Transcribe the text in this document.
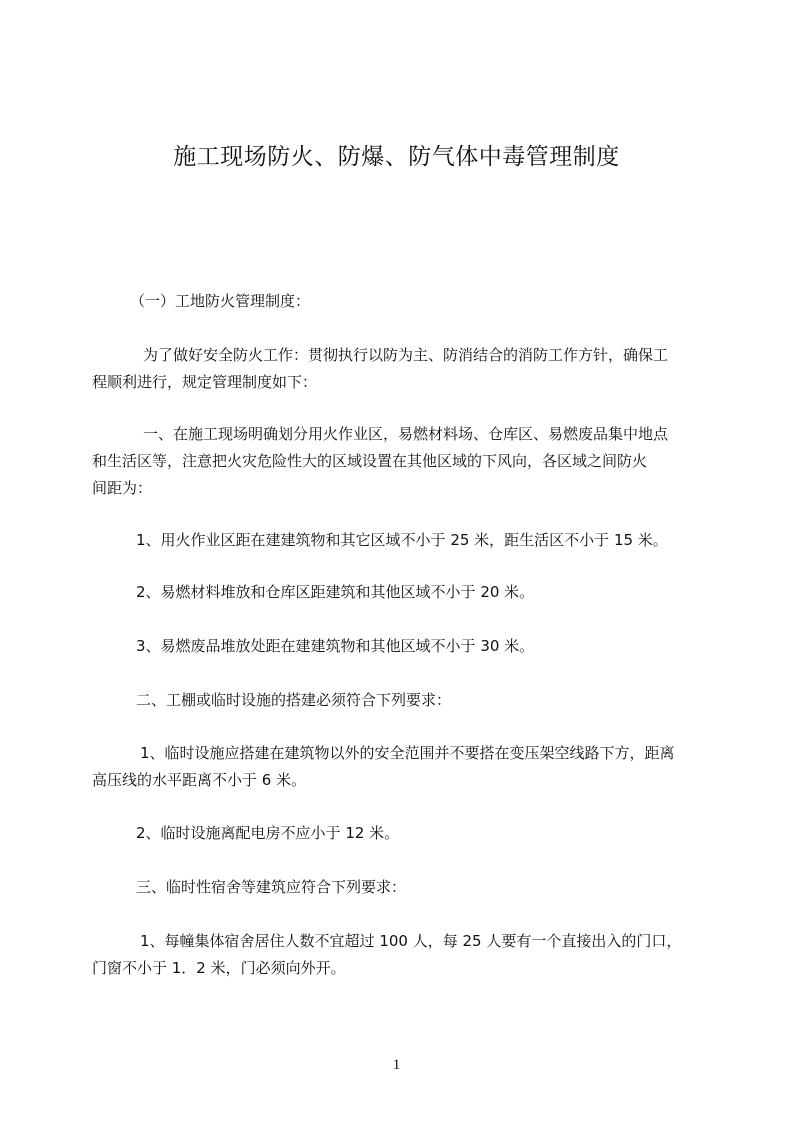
施工现场防火、防爆、防气体中毒管理制度
（一）工地防火管理制度：
为了做好安全防火工作：贯彻执行以防为主、防消结合的消防工作方针，确保工
程顺利进行，规定管理制度如下：
一、在施工现场明确划分用火作业区，易燃材料场、仓库区、易燃废品集中地点
和生活区等，注意把火灾危险性大的区域设置在其他区域的下风向，各区域之间防火
间距为：
1、用火作业区距在建建筑物和其它区域不小于 25 米，距生活区不小于 15 米。
2、易燃材料堆放和仓库区距建筑和其他区域不小于 20 米。
3、易燃废品堆放处距在建建筑物和其他区域不小于 30 米。
二、工棚或临时设施的搭建必须符合下列要求：
1、临时设施应搭建在建筑物以外的安全范围并不要搭在变压架空线路下方，距离
高压线的水平距离不小于 6 米。
2、临时设施离配电房不应小于 12 米。
三、临时性宿舍等建筑应符合下列要求：
1、每幢集体宿舍居住人数不宜超过 100 人，每 25 人要有一个直接出入的门口，
门窗不小于 1．2 米，门必须向外开。
1
